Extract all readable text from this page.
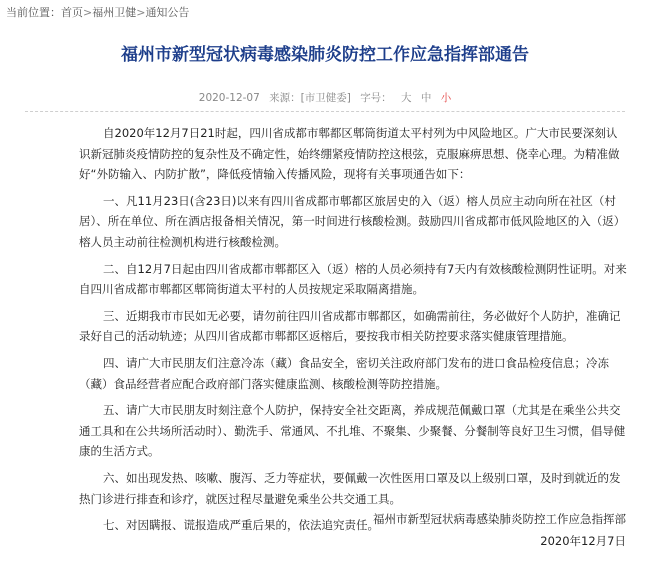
当前位置：首页>福州卫健>通知公告
福州市新型冠状病毒感染肺炎防控工作应急指挥部通告
2020-12-07 来源：[市卫健委] 字号： 大 中 小

自2020年12月7日21时起，四川省成都市郫都区郫筒街道太平村列为中风险地区。广大市民要深刻认识新冠肺炎疫情防控的复杂性及不确定性，始终绷紧疫情防控这根弦，克服麻痹思想、侥幸心理。为精准做好“外防输入、内防扩散”，降低疫情输入传播风险，现将有关事项通告如下：

一、凡11月23日(含23日)以来有四川省成都市郫都区旅居史的入（返）榕人员应主动向所在社区（村居）、所在单位、所在酒店报备相关情况，第一时间进行核酸检测。鼓励四川省成都市低风险地区的入（返）榕人员主动前往检测机构进行核酸检测。

二、自12月7日起由四川省成都市郫都区入（返）榕的人员必须持有7天内有效核酸检测阴性证明。对来自四川省成都市郫都区郫筒街道太平村的人员按规定采取隔离措施。

三、近期我市市民如无必要，请勿前往四川省成都市郫都区，如确需前往，务必做好个人防护，准确记录好自己的活动轨迹；从四川省成都市郫都区返榕后，要按我市相关防控要求落实健康管理措施。

四、请广大市民朋友们注意冷冻（藏）食品安全，密切关注政府部门发布的进口食品检疫信息；冷冻（藏）食品经营者应配合政府部门落实健康监测、核酸检测等防控措施。

五、请广大市民朋友时刻注意个人防护，保持安全社交距离，养成规范佩戴口罩（尤其是在乘坐公共交通工具和在公共场所活动时）、勤洗手、常通风、不扎堆、不聚集、少聚餐、分餐制等良好卫生习惯，倡导健康的生活方式。

六、如出现发热、咳嗽、腹泻、乏力等症状，要佩戴一次性医用口罩及以上级别口罩，及时到就近的发热门诊进行排查和诊疗，就医过程尽量避免乘坐公共交通工具。

七、对因瞒报、谎报造成严重后果的，依法追究责任。

福州市新型冠状病毒感染肺炎防控工作应急指挥部
2020年12月7日
